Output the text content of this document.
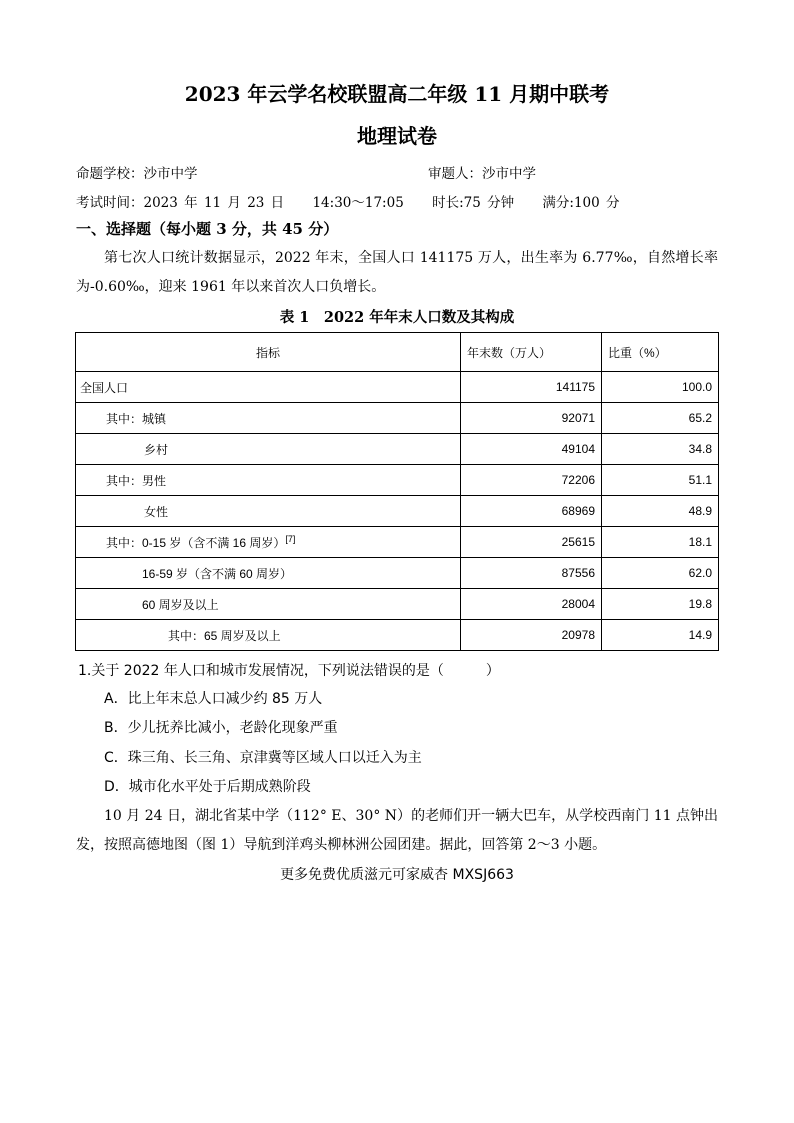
2023 年云学名校联盟高二年级 11 月期中联考
地理试卷
命题学校：沙市中学	审题人：沙市中学
考试时间：2023 年 11 月 23 日 14:30～17:05 时长:75 分钟 满分:100 分
一、选择题（每小题 3 分，共 45 分）
第七次人口统计数据显示，2022 年末，全国人口 141175 万人，出生率为 6.77‰，自然增长率为-0.60‰，迎来 1961 年以来首次人口负增长。
表 1　2022 年年末人口数及其构成
指标	年末数（万人）	比重（%）
全国人口	141175	100.0
其中：城镇	92071	65.2
乡村	49104	34.8
其中：男性	72206	51.1
女性	68969	48.9
其中：0-15 岁（含不满 16 周岁）[7]	25615	18.1
16-59 岁（含不满 60 周岁）	87556	62.0
60 周岁及以上	28004	19.8
其中：65 周岁及以上	20978	14.9
1.关于 2022 年人口和城市发展情况，下列说法错误的是（　　　）
A．比上年末总人口减少约 85 万人
B．少儿抚养比减小，老龄化现象严重
C．珠三角、长三角、京津冀等区域人口以迁入为主
D．城市化水平处于后期成熟阶段
10 月 24 日，湖北省某中学（112° E、30° N）的老师们开一辆大巴车，从学校西南门 11 点钟出发，按照高德地图（图 1）导航到洋鸡头柳林洲公园团建。据此，回答第 2～3 小题。
更多免费优质滋元可家威杏 MXSJ663
